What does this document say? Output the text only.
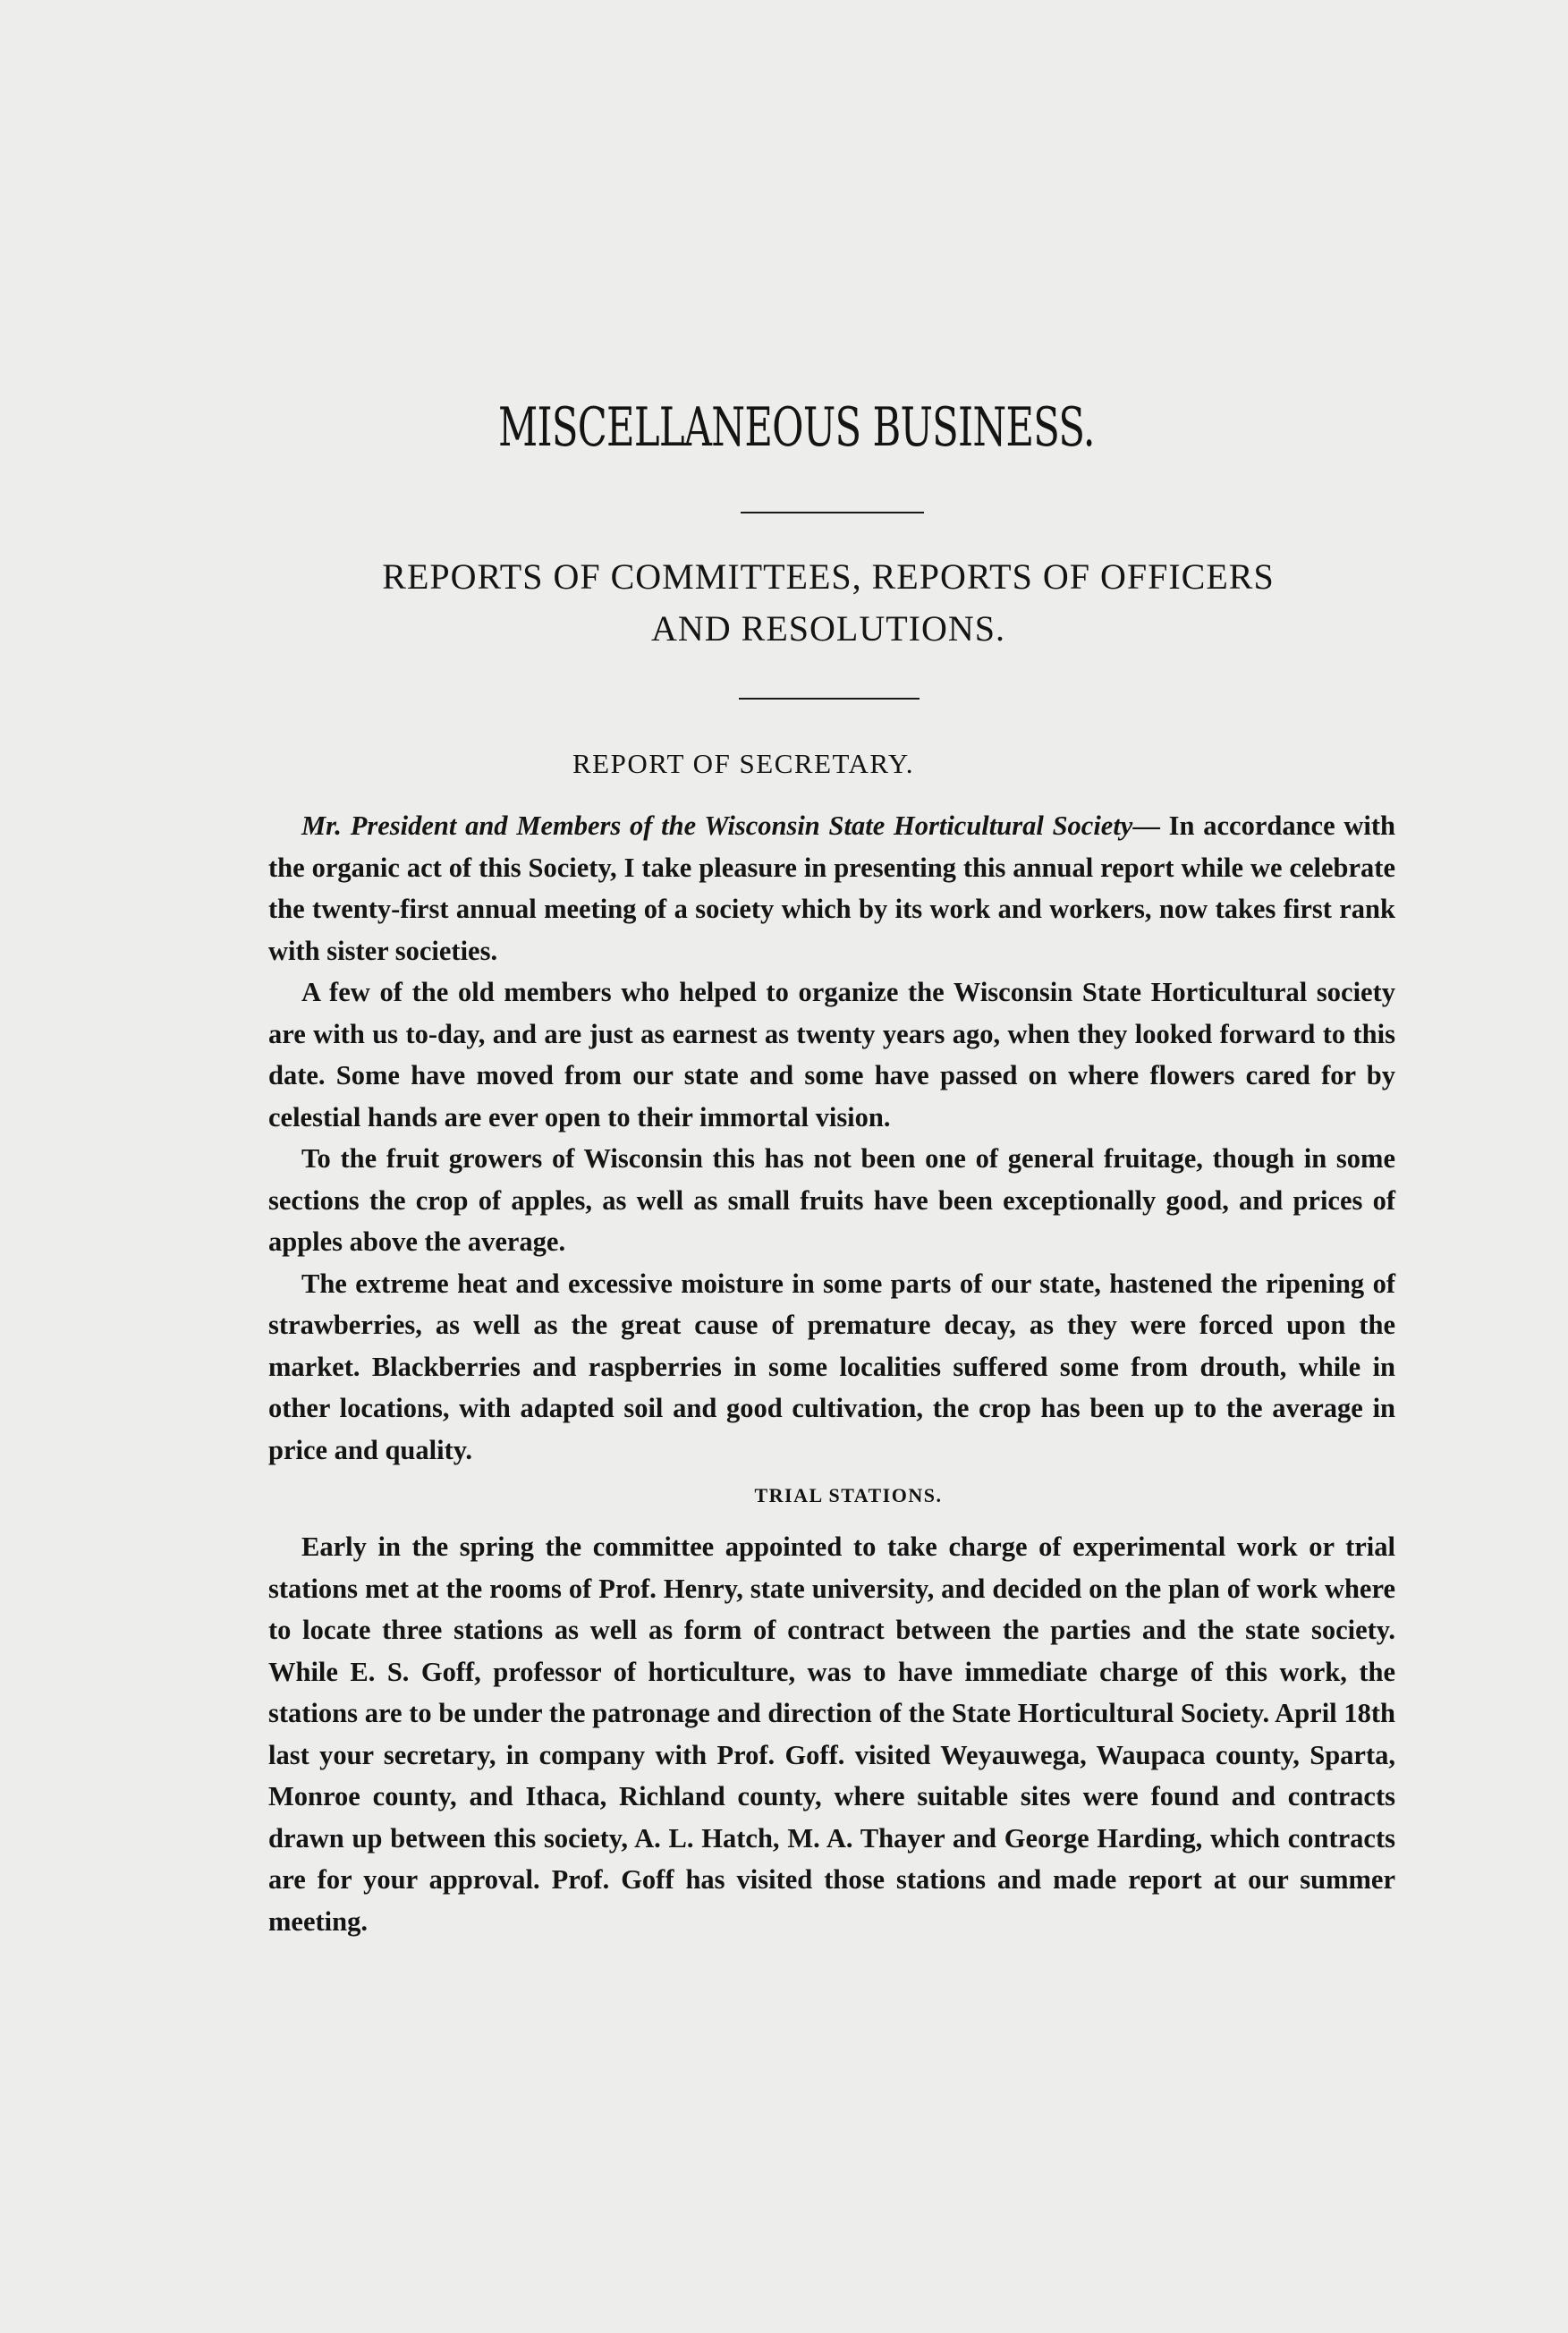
MISCELLANEOUS BUSINESS.
REPORTS OF COMMITTEES, REPORTS OF OFFICERS
AND RESOLUTIONS.
REPORT OF SECRETARY.

Mr. President and Members of the Wisconsin State Horticultural Society— In accordance with the organic act of this Society, I take pleasure in presenting this annual report while we celebrate the twenty-first annual meeting of a society which by its work and workers, now takes first rank with sister societies.

A few of the old members who helped to organize the Wisconsin State Horticultural society are with us to-day, and are just as earnest as twenty years ago, when they looked forward to this date. Some have moved from our state and some have passed on where flowers cared for by celestial hands are ever open to their immortal vision.

To the fruit growers of Wisconsin this has not been one of general fruitage, though in some sections the crop of apples, as well as small fruits have been exceptionally good, and prices of apples above the average.

The extreme heat and excessive moisture in some parts of our state, hastened the ripening of strawberries, as well as the great cause of premature decay, as they were forced upon the market. Blackberries and raspberries in some localities suffered some from drouth, while in other locations, with adapted soil and good cultivation, the crop has been up to the average in price and quality.

TRIAL STATIONS.

Early in the spring the committee appointed to take charge of experimental work or trial stations met at the rooms of Prof. Henry, state university, and decided on the plan of work where to locate three stations as well as form of contract between the parties and the state society. While E. S. Goff, professor of horticulture, was to have immediate charge of this work, the stations are to be under the patronage and direction of the State Horticultural Society. April 18th last your secretary, in company with Prof. Goff. visited Weyauwega, Waupaca county, Sparta, Monroe county, and Ithaca, Richland county, where suitable sites were found and contracts drawn up between this society, A. L. Hatch, M. A. Thayer and George Harding, which contracts are for your approval. Prof. Goff has visited those stations and made report at our summer meeting.
